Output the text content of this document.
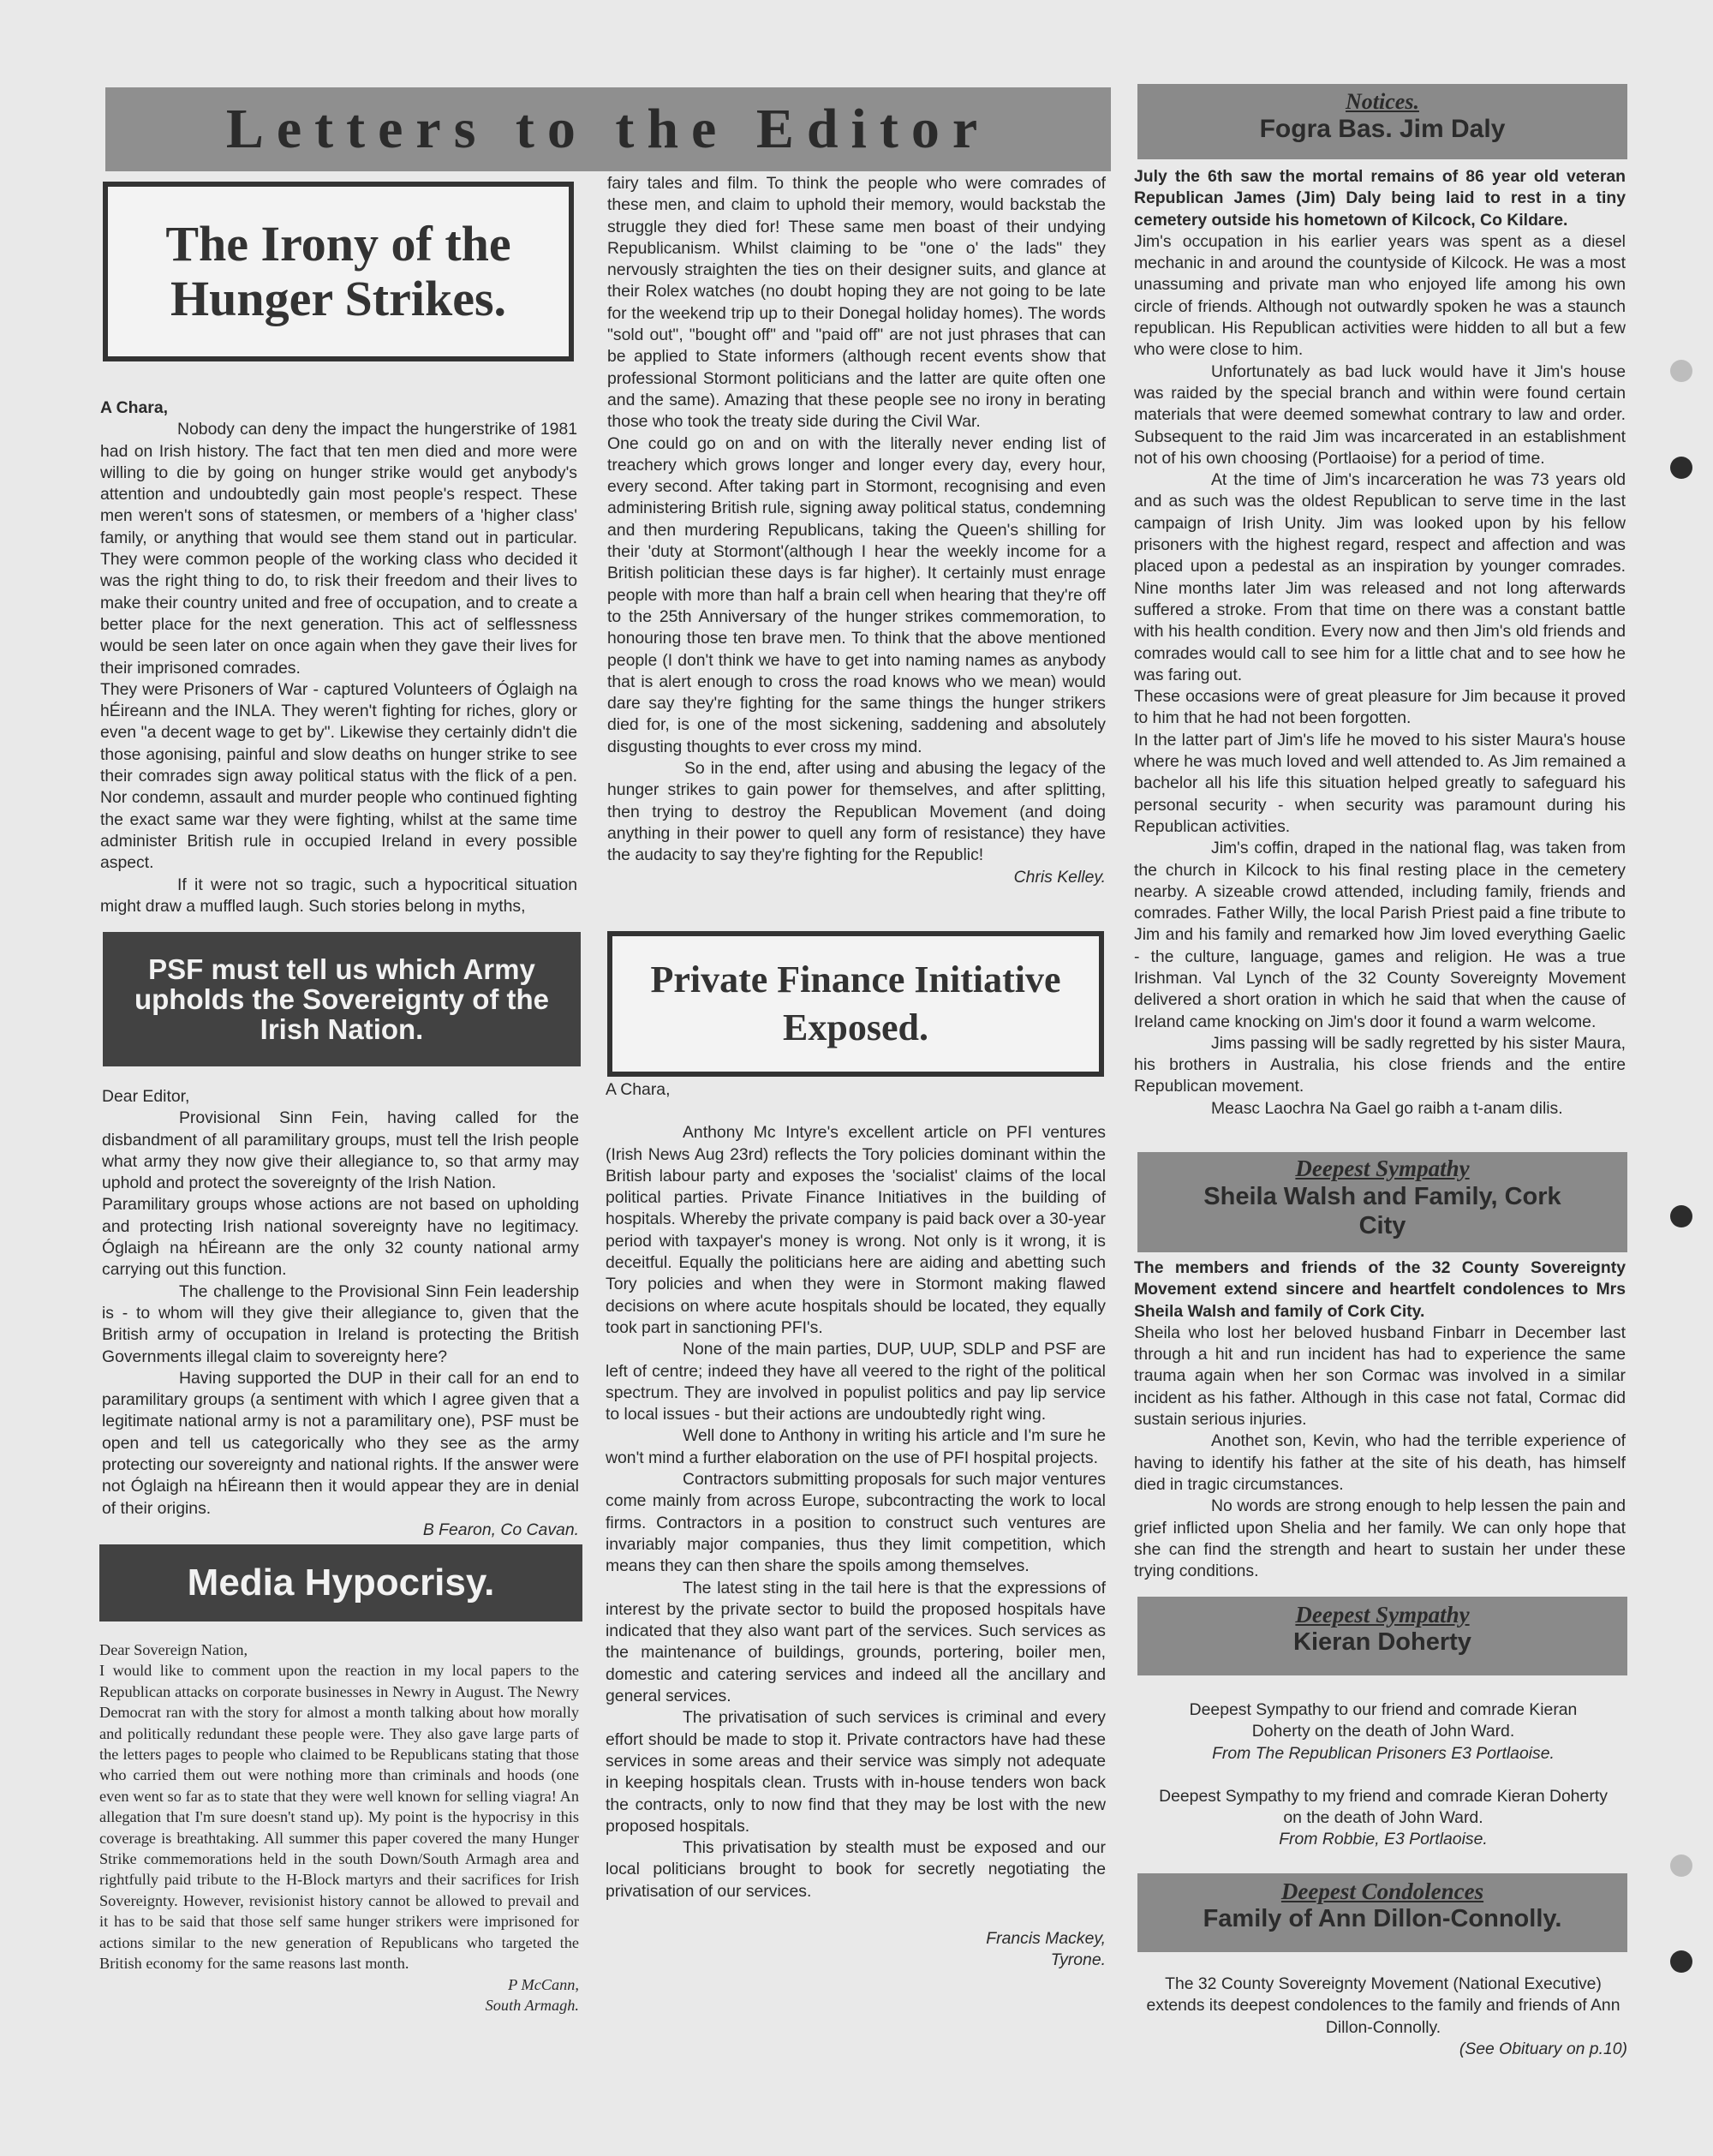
Letters to the Editor
The Irony of the Hunger Strikes.

A Chara,

Nobody can deny the impact the hungerstrike of 1981 had on Irish history. The fact that ten men died and more were willing to die by going on hunger strike would get anybody's attention and undoubtedly gain most people's respect. These men weren't sons of statesmen, or members of a 'higher class' family, or anything that would see them stand out in particular. They were common people of the working class who decided it was the right thing to do, to risk their freedom and their lives to make their country united and free of occupation, and to create a better place for the next generation. This act of selflessness would be seen later on once again when they gave their lives for their imprisoned comrades.

They were Prisoners of War - captured Volunteers of Óglaigh na hÉireann and the INLA. They weren't fighting for riches, glory or even "a decent wage to get by". Likewise they certainly didn't die those agonising, painful and slow deaths on hunger strike to see their comrades sign away political status with the flick of a pen. Nor condemn, assault and murder people who continued fighting the exact same war they were fighting, whilst at the same time administer British rule in occupied Ireland in every possible aspect.

If it were not so tragic, such a hypocritical situation might draw a muffled laugh. Such stories belong in myths,

PSF must tell us which Army upholds the Sovereignty of the Irish Nation.

Dear Editor,

Provisional Sinn Fein, having called for the disbandment of all paramilitary groups, must tell the Irish people what army they now give their allegiance to, so that army may uphold and protect the sovereignty of the Irish Nation.

Paramilitary groups whose actions are not based on upholding and protecting Irish national sovereignty have no legitimacy. Óglaigh na hÉireann are the only 32 county national army carrying out this function.

The challenge to the Provisional Sinn Fein leadership is - to whom will they give their allegiance to, given that the British army of occupation in Ireland is protecting the British Governments illegal claim to sovereignty here?

Having supported the DUP in their call for an end to paramilitary groups (a sentiment with which I agree given that a legitimate national army is not a paramilitary one), PSF must be open and tell us categorically who they see as the army protecting our sovereignty and national rights. If the answer were not Óglaigh na hÉireann then it would appear they are in denial of their origins.

B Fearon, Co Cavan.

Media Hypocrisy.

Dear Sovereign Nation,

I would like to comment upon the reaction in my local papers to the Republican attacks on corporate businesses in Newry in August. The Newry Democrat ran with the story for almost a month talking about how morally and politically redundant these people were. They also gave large parts of the letters pages to people who claimed to be Republicans stating that those who carried them out were nothing more than criminals and hoods (one even went so far as to state that they were well known for selling viagra! An allegation that I'm sure doesn't stand up). My point is the hypocrisy in this coverage is breathtaking. All summer this paper covered the many Hunger Strike commemorations held in the south Down/South Armagh area and rightfully paid tribute to the H-Block martyrs and their sacrifices for Irish Sovereignty. However, revisionist history cannot be allowed to prevail and it has to be said that those self same hunger strikers were imprisoned for actions similar to the new generation of Republicans who targeted the British economy for the same reasons last month.

P McCann,

South Armagh.

fairy tales and film. To think the people who were comrades of these men, and claim to uphold their memory, would backstab the struggle they died for! These same men boast of their undying Republicanism. Whilst claiming to be "one o' the lads" they nervously straighten the ties on their designer suits, and glance at their Rolex watches (no doubt hoping they are not going to be late for the weekend trip up to their Donegal holiday homes). The words "sold out", "bought off" and "paid off" are not just phrases that can be applied to State informers (although recent events show that professional Stormont politicians and the latter are quite often one and the same). Amazing that these people see no irony in berating those who took the treaty side during the Civil War.

One could go on and on with the literally never ending list of treachery which grows longer and longer every day, every hour, every second. After taking part in Stormont, recognising and even administering British rule, signing away political status, condemning and then murdering Republicans, taking the Queen's shilling for their 'duty at Stormont'(although I hear the weekly income for a British politician these days is far higher). It certainly must enrage people with more than half a brain cell when hearing that they're off to the 25th Anniversary of the hunger strikes commemoration, to honouring those ten brave men. To think that the above mentioned people (I don't think we have to get into naming names as anybody that is alert enough to cross the road knows who we mean) would dare say they're fighting for the same things the hunger strikers died for, is one of the most sickening, saddening and absolutely disgusting thoughts to ever cross my mind.

So in the end, after using and abusing the legacy of the hunger strikes to gain power for themselves, and after splitting, then trying to destroy the Republican Movement (and doing anything in their power to quell any form of resistance) they have the audacity to say they're fighting for the Republic!

Chris Kelley.

Private Finance Initiative Exposed.

A Chara,

Anthony Mc Intyre's excellent article on PFI ventures (Irish News Aug 23rd) reflects the Tory policies dominant within the British labour party and exposes the 'socialist' claims of the local political parties. Private Finance Initiatives in the building of hospitals. Whereby the private company is paid back over a 30-year period with taxpayer's money is wrong. Not only is it wrong, it is deceitful. Equally the politicians here are aiding and abetting such Tory policies and when they were in Stormont making flawed decisions on where acute hospitals should be located, they equally took part in sanctioning PFI's.

None of the main parties, DUP, UUP, SDLP and PSF are left of centre; indeed they have all veered to the right of the political spectrum. They are involved in populist politics and pay lip service to local issues - but their actions are undoubtedly right wing.

Well done to Anthony in writing his article and I'm sure he won't mind a further elaboration on the use of PFI hospital projects.

Contractors submitting proposals for such major ventures come mainly from across Europe, subcontracting the work to local firms. Contractors in a position to construct such ventures are invariably major companies, thus they limit competition, which means they can then share the spoils among themselves.

The latest sting in the tail here is that the expressions of interest by the private sector to build the proposed hospitals have indicated that they also want part of the services. Such services as the maintenance of buildings, grounds, portering, boiler men, domestic and catering services and indeed all the ancillary and general services.

The privatisation of such services is criminal and every effort should be made to stop it. Private contractors have had these services in some areas and their service was simply not adequate in keeping hospitals clean. Trusts with in-house tenders won back the contracts, only to now find that they may be lost with the new proposed hospitals.

This privatisation by stealth must be exposed and our local politicians brought to book for secretly negotiating the privatisation of our services.

Francis Mackey,

Tyrone.

Notices.
Fogra Bas. Jim Daly

July the 6th saw the mortal remains of 86 year old veteran Republican James (Jim) Daly being laid to rest in a tiny cemetery outside his hometown of Kilcock, Co Kildare.

Jim's occupation in his earlier years was spent as a diesel mechanic in and around the countyside of Kilcock. He was a most unassuming and private man who enjoyed life among his own circle of friends. Although not outwardly spoken he was a staunch republican. His Republican activities were hidden to all but a few who were close to him.

Unfortunately as bad luck would have it Jim's house was raided by the special branch and within were found certain materials that were deemed somewhat contrary to law and order. Subsequent to the raid Jim was incarcerated in an establishment not of his own choosing (Portlaoise) for a period of time.

At the time of Jim's incarceration he was 73 years old and as such was the oldest Republican to serve time in the last campaign of Irish Unity. Jim was looked upon by his fellow prisoners with the highest regard, respect and affection and was placed upon a pedestal as an inspiration by younger comrades. Nine months later Jim was released and not long afterwards suffered a stroke. From that time on there was a constant battle with his health condition. Every now and then Jim's old friends and comrades would call to see him for a little chat and to see how he was faring out.

These occasions were of great pleasure for Jim because it proved to him that he had not been forgotten.

In the latter part of Jim's life he moved to his sister Maura's house where he was much loved and well attended to. As Jim remained a bachelor all his life this situation helped greatly to safeguard his personal security - when security was paramount during his Republican activities.

Jim's coffin, draped in the national flag, was taken from the church in Kilcock to his final resting place in the cemetery nearby. A sizeable crowd attended, including family, friends and comrades. Father Willy, the local Parish Priest paid a fine tribute to Jim and his family and remarked how Jim loved everything Gaelic - the culture, language, games and religion. He was a true Irishman. Val Lynch of the 32 County Sovereignty Movement delivered a short oration in which he said that when the cause of Ireland came knocking on Jim's door it found a warm welcome.

Jims passing will be sadly regretted by his sister Maura, his brothers in Australia, his close friends and the entire Republican movement.

Measc Laochra Na Gael go raibh a t-anam dilis.

Deepest Sympathy
Sheila Walsh and Family, Cork City

The members and friends of the 32 County Sovereignty Movement extend sincere and heartfelt condolences to Mrs Sheila Walsh and family of Cork City.

Sheila who lost her beloved husband Finbarr in December last through a hit and run incident has had to experience the same trauma again when her son Cormac was involved in a similar incident as his father. Although in this case not fatal, Cormac did sustain serious injuries.

Anothet son, Kevin, who had the terrible experience of having to identify his father at the site of his death, has himself died in tragic circumstances.

No words are strong enough to help lessen the pain and grief inflicted upon Shelia and her family. We can only hope that she can find the strength and heart to sustain her under these trying conditions.

Deepest Sympathy
Kieran Doherty

Deepest Sympathy to our friend and comrade Kieran Doherty on the death of John Ward.

From The Republican Prisoners E3 Portlaoise.

Deepest Sympathy to my friend and comrade Kieran Doherty on the death of John Ward.

From Robbie, E3 Portlaoise.

Deepest Condolences
Family of Ann Dillon-Connolly.

The 32 County Sovereignty Movement (National Executive) extends its deepest condolences to the family and friends of Ann Dillon-Connolly.

(See Obituary on p.10)
